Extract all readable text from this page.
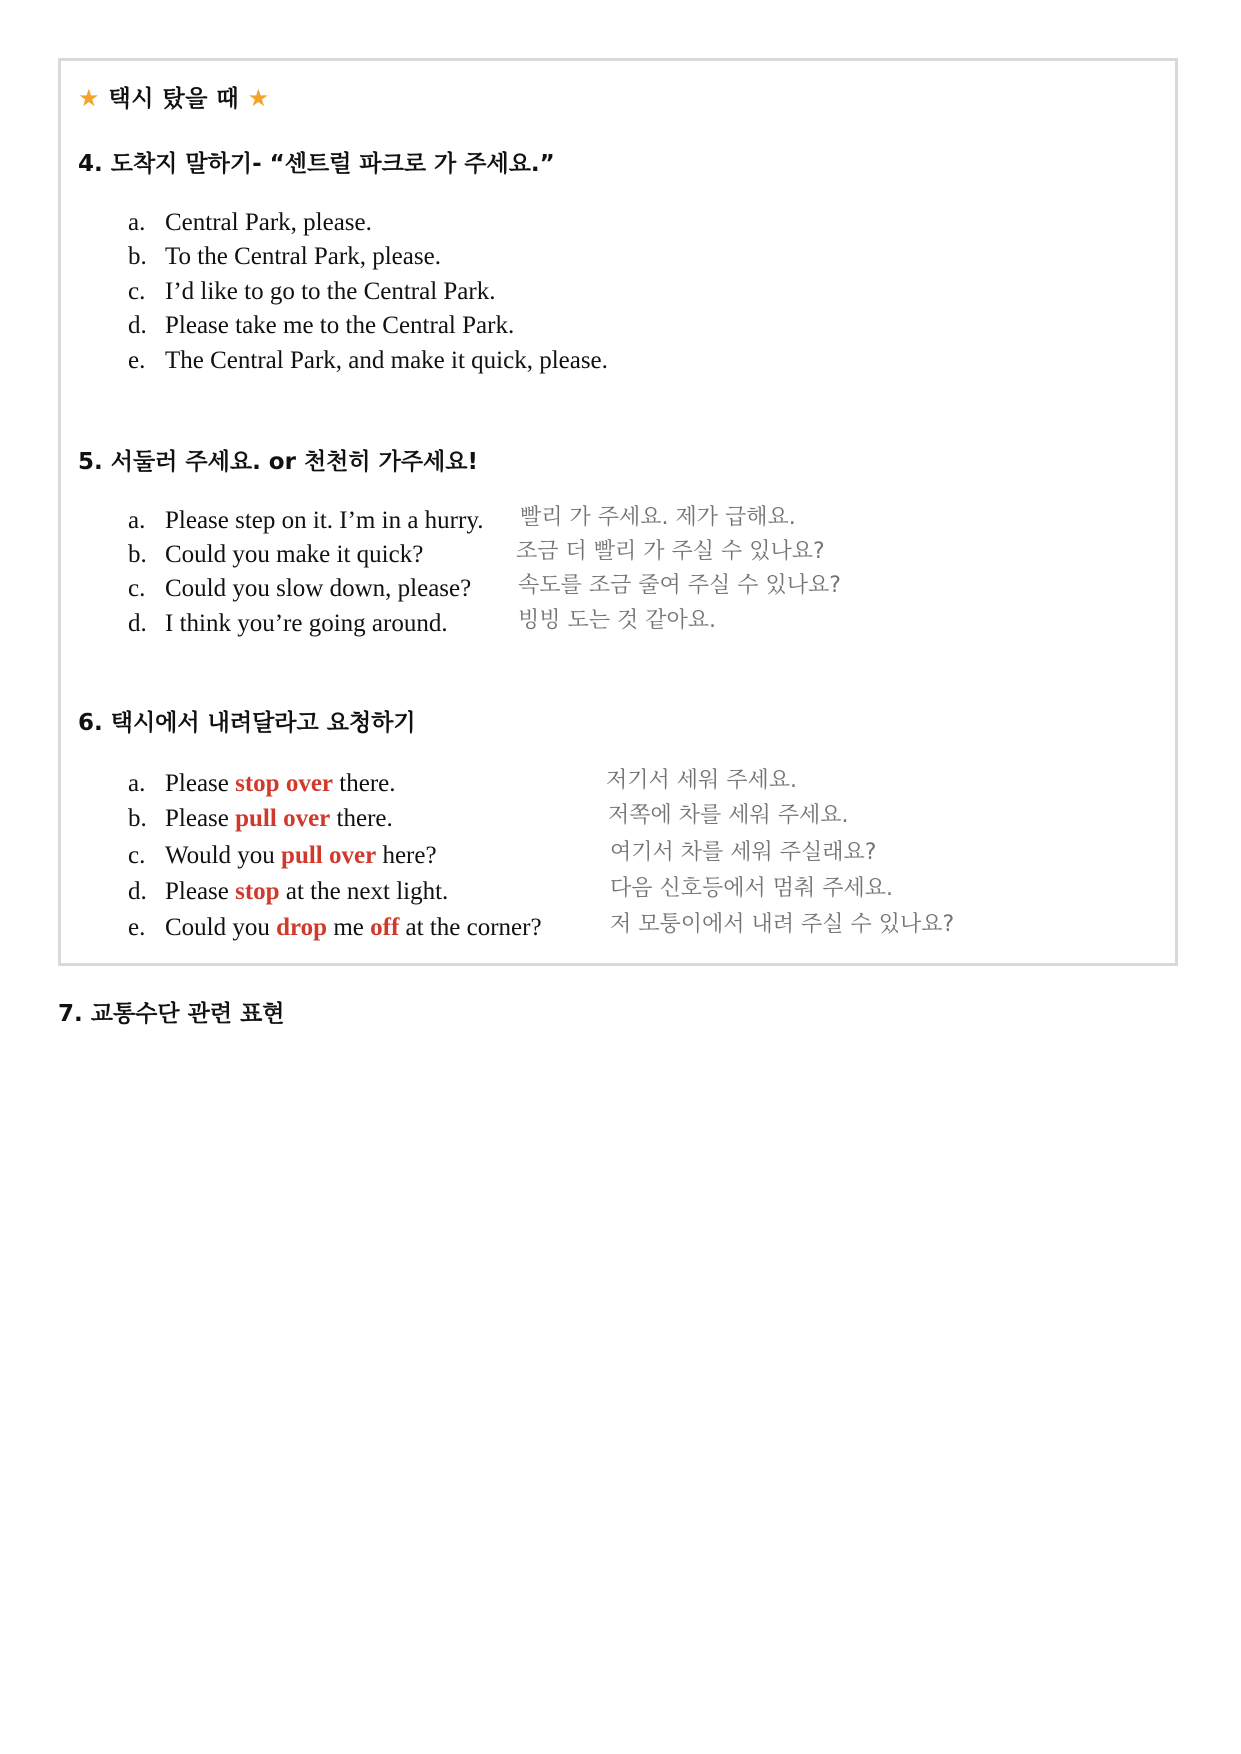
★ 택시 탔을 때 ★
4. 도착지 말하기- “센트럴 파크로 가 주세요.”
a. Central Park, please.
b. To the Central Park, please.
c. I’d like to go to the Central Park.
d. Please take me to the Central Park.
e. The Central Park, and make it quick, please.
5. 서둘러 주세요. or 천천히 가주세요!
a. Please step on it. I’m in a hurry. 빨리 가 주세요. 제가 급해요.
b. Could you make it quick?	조금 더 빨리 가 주실 수 있나요?
c. Could you slow down, please? 속도를 조금 줄여 주실 수 있나요?
d. I think you’re going around.	빙빙 도는 것 같아요.
6. 택시에서 내려달라고 요청하기
a. Please stop over there.	저기서 세워 주세요.
b. Please pull over there.	저쪽에 차를 세워 주세요.
c. Would you pull over here?	여기서 차를 세워 주실래요?
d. Please stop at the next light.	다음 신호등에서 멈춰 주세요.
e. Could you drop me off at the corner?	저 모퉁이에서 내려 주실 수 있나요?
7. 교통수단 관련 표현
